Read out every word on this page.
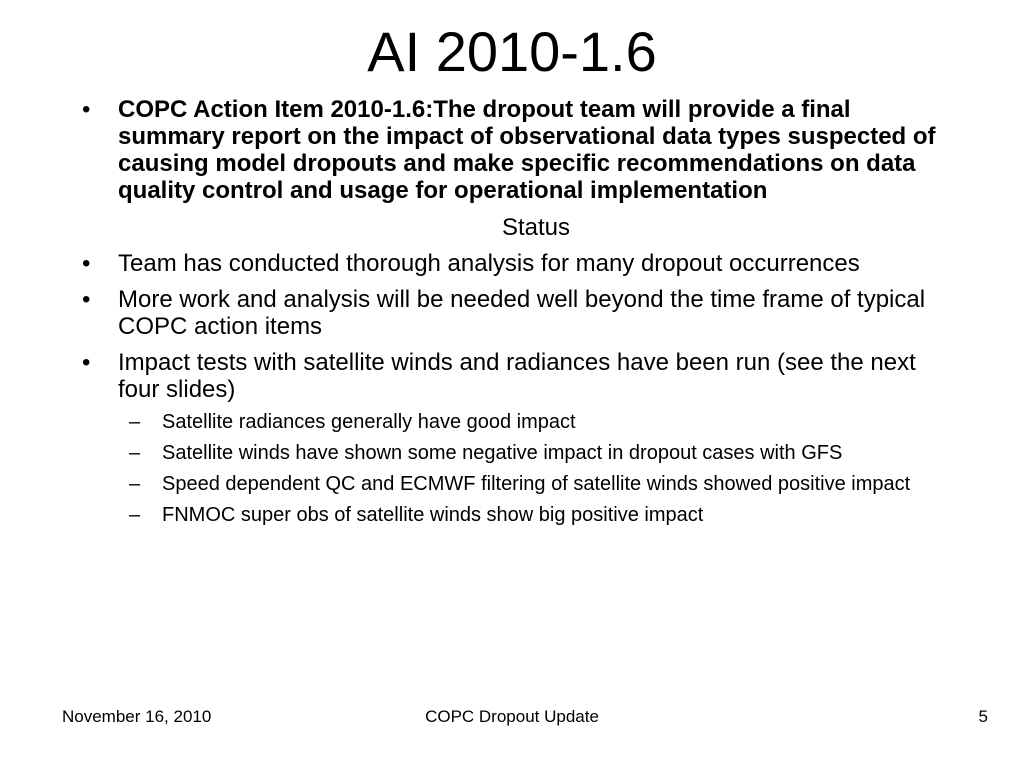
AI 2010-1.6
• COPC Action Item 2010-1.6:The dropout team will provide a final summary report on the impact of observational data types suspected of causing model dropouts and make specific recommendations on data quality control and usage for operational implementation
Status
• Team has conducted thorough analysis for many dropout occurrences
• More work and analysis will be needed well beyond the time frame of typical COPC action items
• Impact tests with satellite winds and radiances have been run (see the next four slides)
– Satellite radiances generally have good impact
– Satellite winds have shown some negative impact in dropout cases with GFS
– Speed dependent QC and ECMWF filtering of satellite winds showed positive impact
– FNMOC super obs of satellite winds show big positive impact
COPC Dropout Update
November 16, 2010	5
